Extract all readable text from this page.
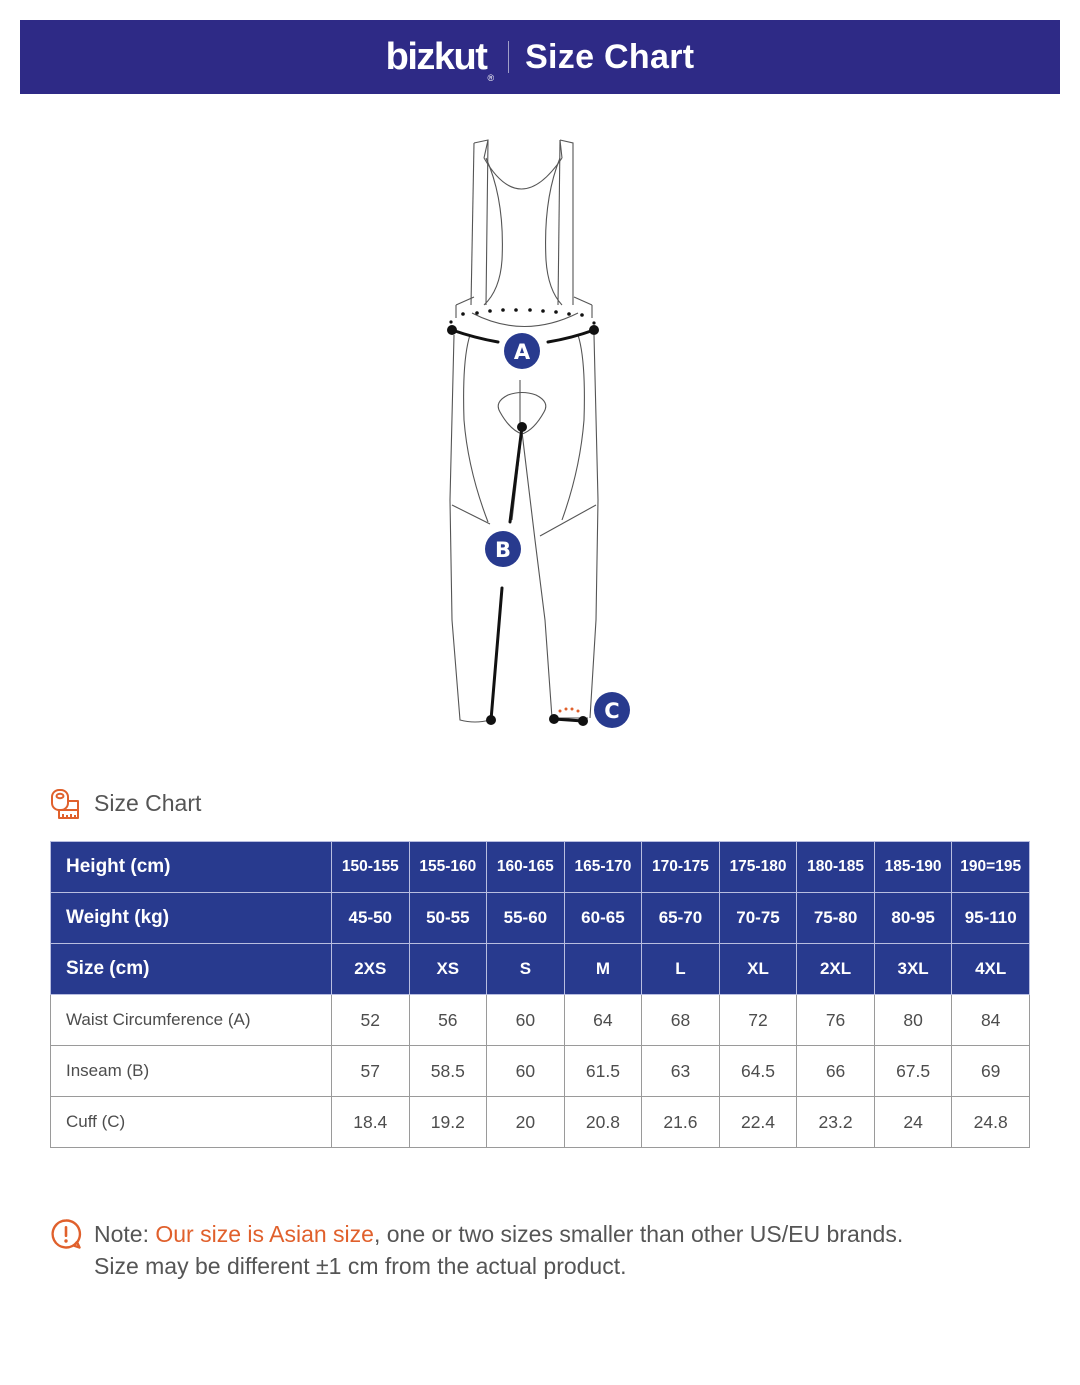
bizkut$_®$
Size Chart
A
B
C
Size Chart
Height (cm)	150-155	155-160	160-165	165-170	170-175	175-180	180-185	185-190	190=195
Weight (kg)	45-50	50-55	55-60	60-65	65-70	70-75	75-80	80-95	95-110
Size (cm)	2XS	XS	S	M	L	XL	2XL	3XL	4XL
Waist Circumference (A)	52	56	60	64	68	72	76	80	84
Inseam (B)	57	58.5	60	61.5	63	64.5	66	67.5	69
Cuff (C)	18.4	19.2	20	20.8	21.6	22.4	23.2	24	24.8
Note: Our size is Asian size, one or two sizes smaller than other US/EU brands.
Size may be different ±1 cm from the actual product.
